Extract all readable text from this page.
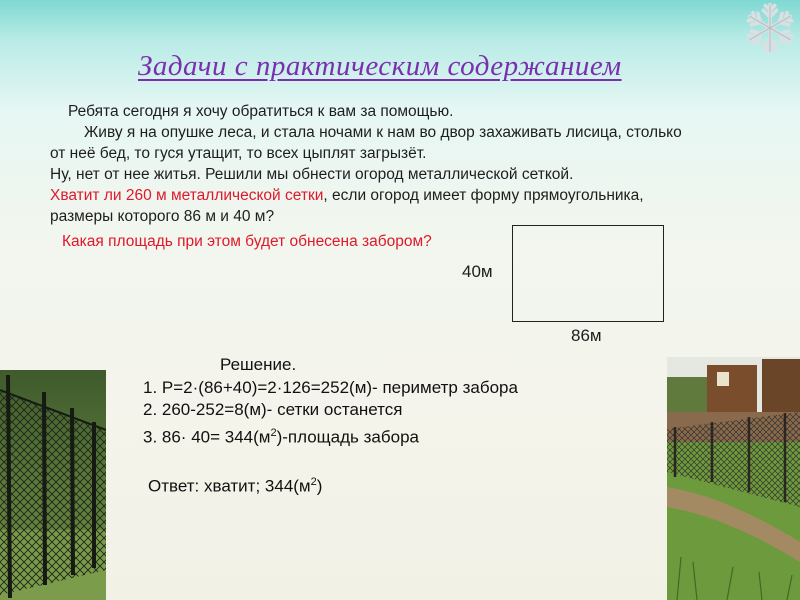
Задачи с практическим содержанием

Ребята сегодня я хочу обратиться к вам за помощью.

Живу я на опушке леса, и стала ночами к нам во двор захаживать лисица, столько

от неё бед, то гуся утащит, то всех цыплят загрызёт.

Ну, нет от нее житья. Решили мы обнести огород металлической сеткой.

Хватит ли 260 м металлической сетки, если огород имеет форму прямоугольника,

размеры которого 86 м и 40 м?

Какая площадь при этом будет обнесена забором?
40м
86м
Решение.
1. Р=2·(86+40)=2·126=252(м)- периметр забора
2. 260-252=8(м)- сетки останется
3. $86\cdot 40= 344(м^2)$-площадь забора
Ответ: хватит; $344(м^2)$
